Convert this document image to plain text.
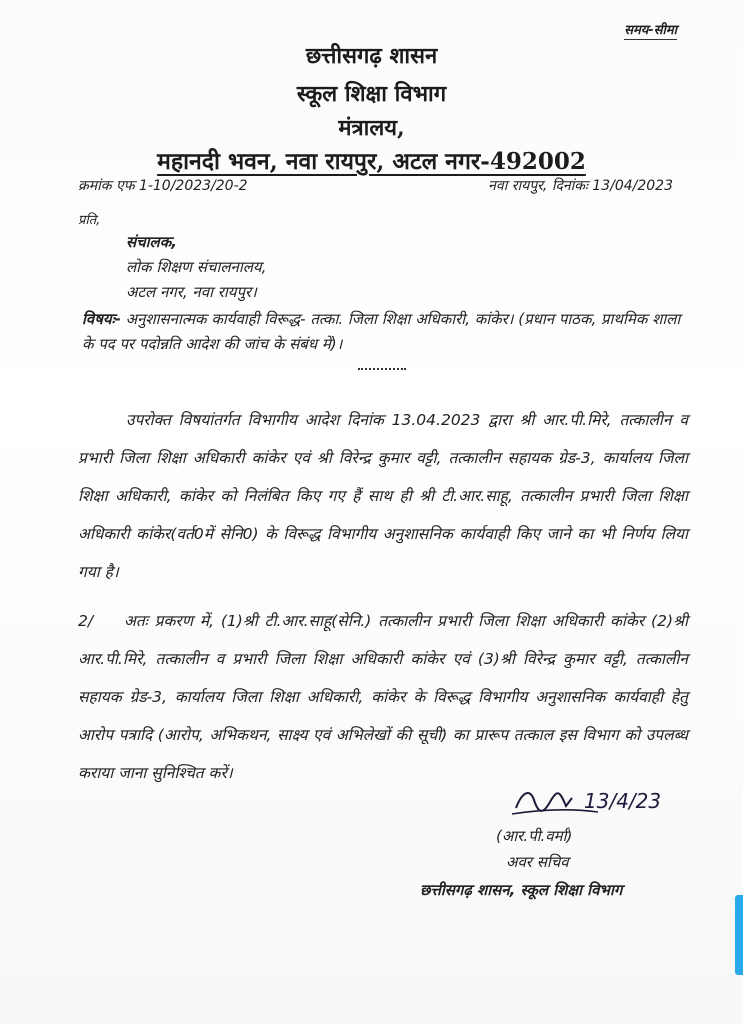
समय-सीमा
छत्तीसगढ़ शासन
स्कूल शिक्षा विभाग
मंत्रालय,
महानदी भवन, नवा रायपुर, अटल नगर-492002
क्रमांक एफ 1-10/2023/20-2	नवा रायपुर, दिनांकः 13/04/2023
प्रति,
संचालक,
लोक शिक्षण संचालनालय,
अटल नगर, नवा रायपुर।
विषयः- अनुशासनात्मक कार्यवाही विरूद्ध- तत्का. जिला शिक्षा अधिकारी, कांकेर। (प्रधान पाठक, प्राथमिक शाला के पद पर पदोन्नति आदेश की जांच के संबंध में)।
उपरोक्त विषयांतर्गत विभागीय आदेश दिनांक 13.04.2023 द्वारा श्री आर.पी.मिरे, तत्कालीन व प्रभारी जिला शिक्षा अधिकारी कांकेर एवं श्री विरेन्द्र कुमार वट्टी, तत्कालीन सहायक ग्रेड-3, कार्यालय जिला शिक्षा अधिकारी, कांकेर को निलंबित किए गए हैं साथ ही श्री टी.आर.साहू, तत्कालीन प्रभारी जिला शिक्षा अधिकारी कांकेर(वर्त0में सेनि0) के विरूद्ध विभागीय अनुशासनिक कार्यवाही किए जाने का भी निर्णय लिया गया है।
2/ अतः प्रकरण में, (1)श्री टी.आर.साहू(सेनि.) तत्कालीन प्रभारी जिला शिक्षा अधिकारी कांकेर (2)श्री आर.पी.मिरे, तत्कालीन व प्रभारी जिला शिक्षा अधिकारी कांकेर एवं (3)श्री विरेन्द्र कुमार वट्टी, तत्कालीन सहायक ग्रेड-3, कार्यालय जिला शिक्षा अधिकारी, कांकेर के विरूद्ध विभागीय अनुशासनिक कार्यवाही हेतु आरोप पत्रादि (आरोप, अभिकथन, साक्ष्य एवं अभिलेखों की सूची) का प्रारूप तत्काल इस विभाग को उपलब्ध कराया जाना सुनिश्चित करें।
13/4/23
(आर.पी.वर्मा)
अवर सचिव
छत्तीसगढ़ शासन, स्कूल शिक्षा विभाग
